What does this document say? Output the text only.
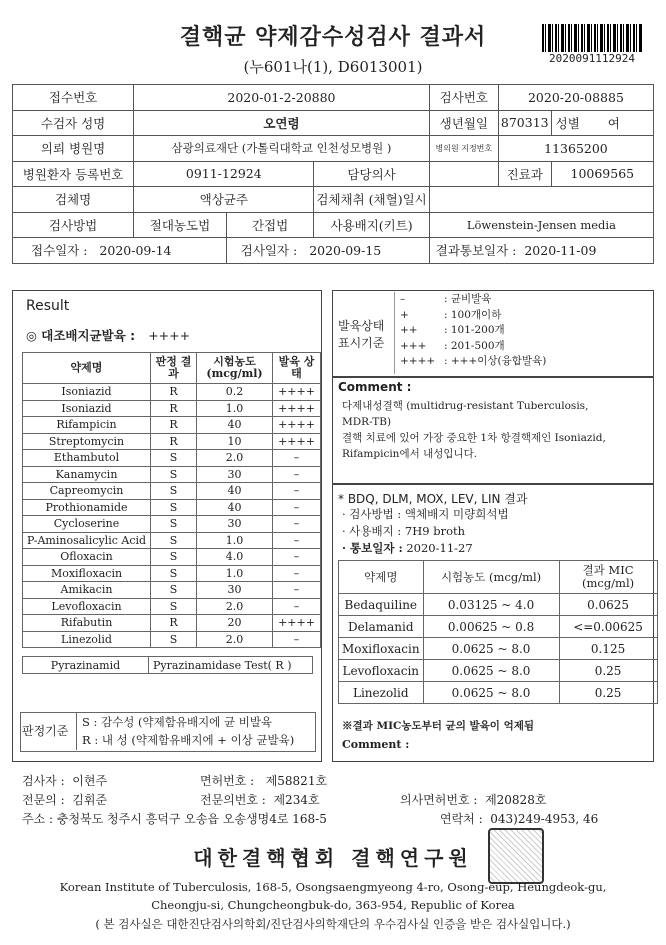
결핵균 약제감수성검사 결과서
(누601나(1), D6013001)	2020091112924
접수번호	2020-01-2-20880			검사번호	2020-20-08885	
수검자 성명	오연령			생년월일	870313	성별 여
의뢰 병원명	삼광의료재단 (가톨릭대학교 인천성모병원 )			병의원 지정번호	11365200	
병원환자 등록번호	0911-12924		담당의사		진료과	10069565
검체명	액상균주		검체채취 (채혈)일시			
검사방법	절대농도법	간접법	사용배지(키트)	Löwenstein-Jensen media		
접수일자 : 2020-09-14		검사일자 : 2020-09-15		결과통보일자 : 2020-11-09		
Result
◎ 대조배지균발육 : ++++
약제명	판정 결과	시험농도 (mcg/ml)	발육 상태
Isoniazid	R	0.2	++++
Isoniazid	R	1.0	++++
Rifampicin	R	40	++++
Streptomycin	R	10	++++
Ethambutol	S	2.0	–
Kanamycin	S	30	–
Capreomycin	S	40	–
Prothionamide	S	40	–
Cycloserine	S	30	–
P-Aminosalicylic Acid	S	1.0	–
Ofloxacin	S	4.0	–
Moxifloxacin	S	1.0	–
Amikacin	S	30	–
Levofloxacin	S	2.0	–
Rifabutin	R	20	++++
Linezolid	S	2.0	–
Pyrazinamid	Pyrazinamidase Test( R )
판정기준
S : 감수성 (약제함유배지에 균 비발육
R : 내 성 (약제함유배지에 + 이상 균발육)
발육상태 표시기준
–	: 균비발육
+	: 100개이하
++	: 101-200개
+++ : 201-500개
++++ : +++이상(융합발육)
Comment :
다제내성결핵 (multidrug-resistant Tuberculosis,
MDR-TB)
결핵 치료에 있어 가장 중요한 1차 항결핵제인 Isoniazid,
Rifampicin에서 내성입니다.
* BDQ, DLM, MOX, LEV, LIN 결과
· 검사방법 : 액체배지 미량희석법
· 사용배지 : 7H9 broth
· 통보일자 : 2020-11-27
약제명	시험농도 (mcg/ml)	결과 MIC (mcg/ml)
Bedaquiline	0.03125 ~ 4.0	0.0625
Delamanid	0.00625 ~ 0.8	<=0.00625
Moxifloxacin	0.0625 ~ 8.0	0.125
Levofloxacin	0.0625 ~ 8.0	0.25
Linezolid	0.0625 ~ 8.0	0.25
※결과 MIC농도부터 균의 발육이 억제됨
Comment :
검사자 : 이현주	면허번호 : 제58821호
전문의 : 김휘준	전문의번호 : 제234호	의사면허번호 : 제20828호
주소 : 충청북도 청주시 흥덕구 오송읍 오송생명4로 168-5	연락처 : 043)249-4953, 46
대한결핵협회 결핵연구원
Korean Institute of Tuberculosis, 168-5, Osongsaengmyeong 4-ro, Osong-eup, Heungdeok-gu,
Cheongju-si, Chungcheongbuk-do, 363-954, Republic of Korea
( 본 검사실은 대한진단검사의학회/진단검사의학재단의 우수검사실 인증을 받은 검사실입니다.)
